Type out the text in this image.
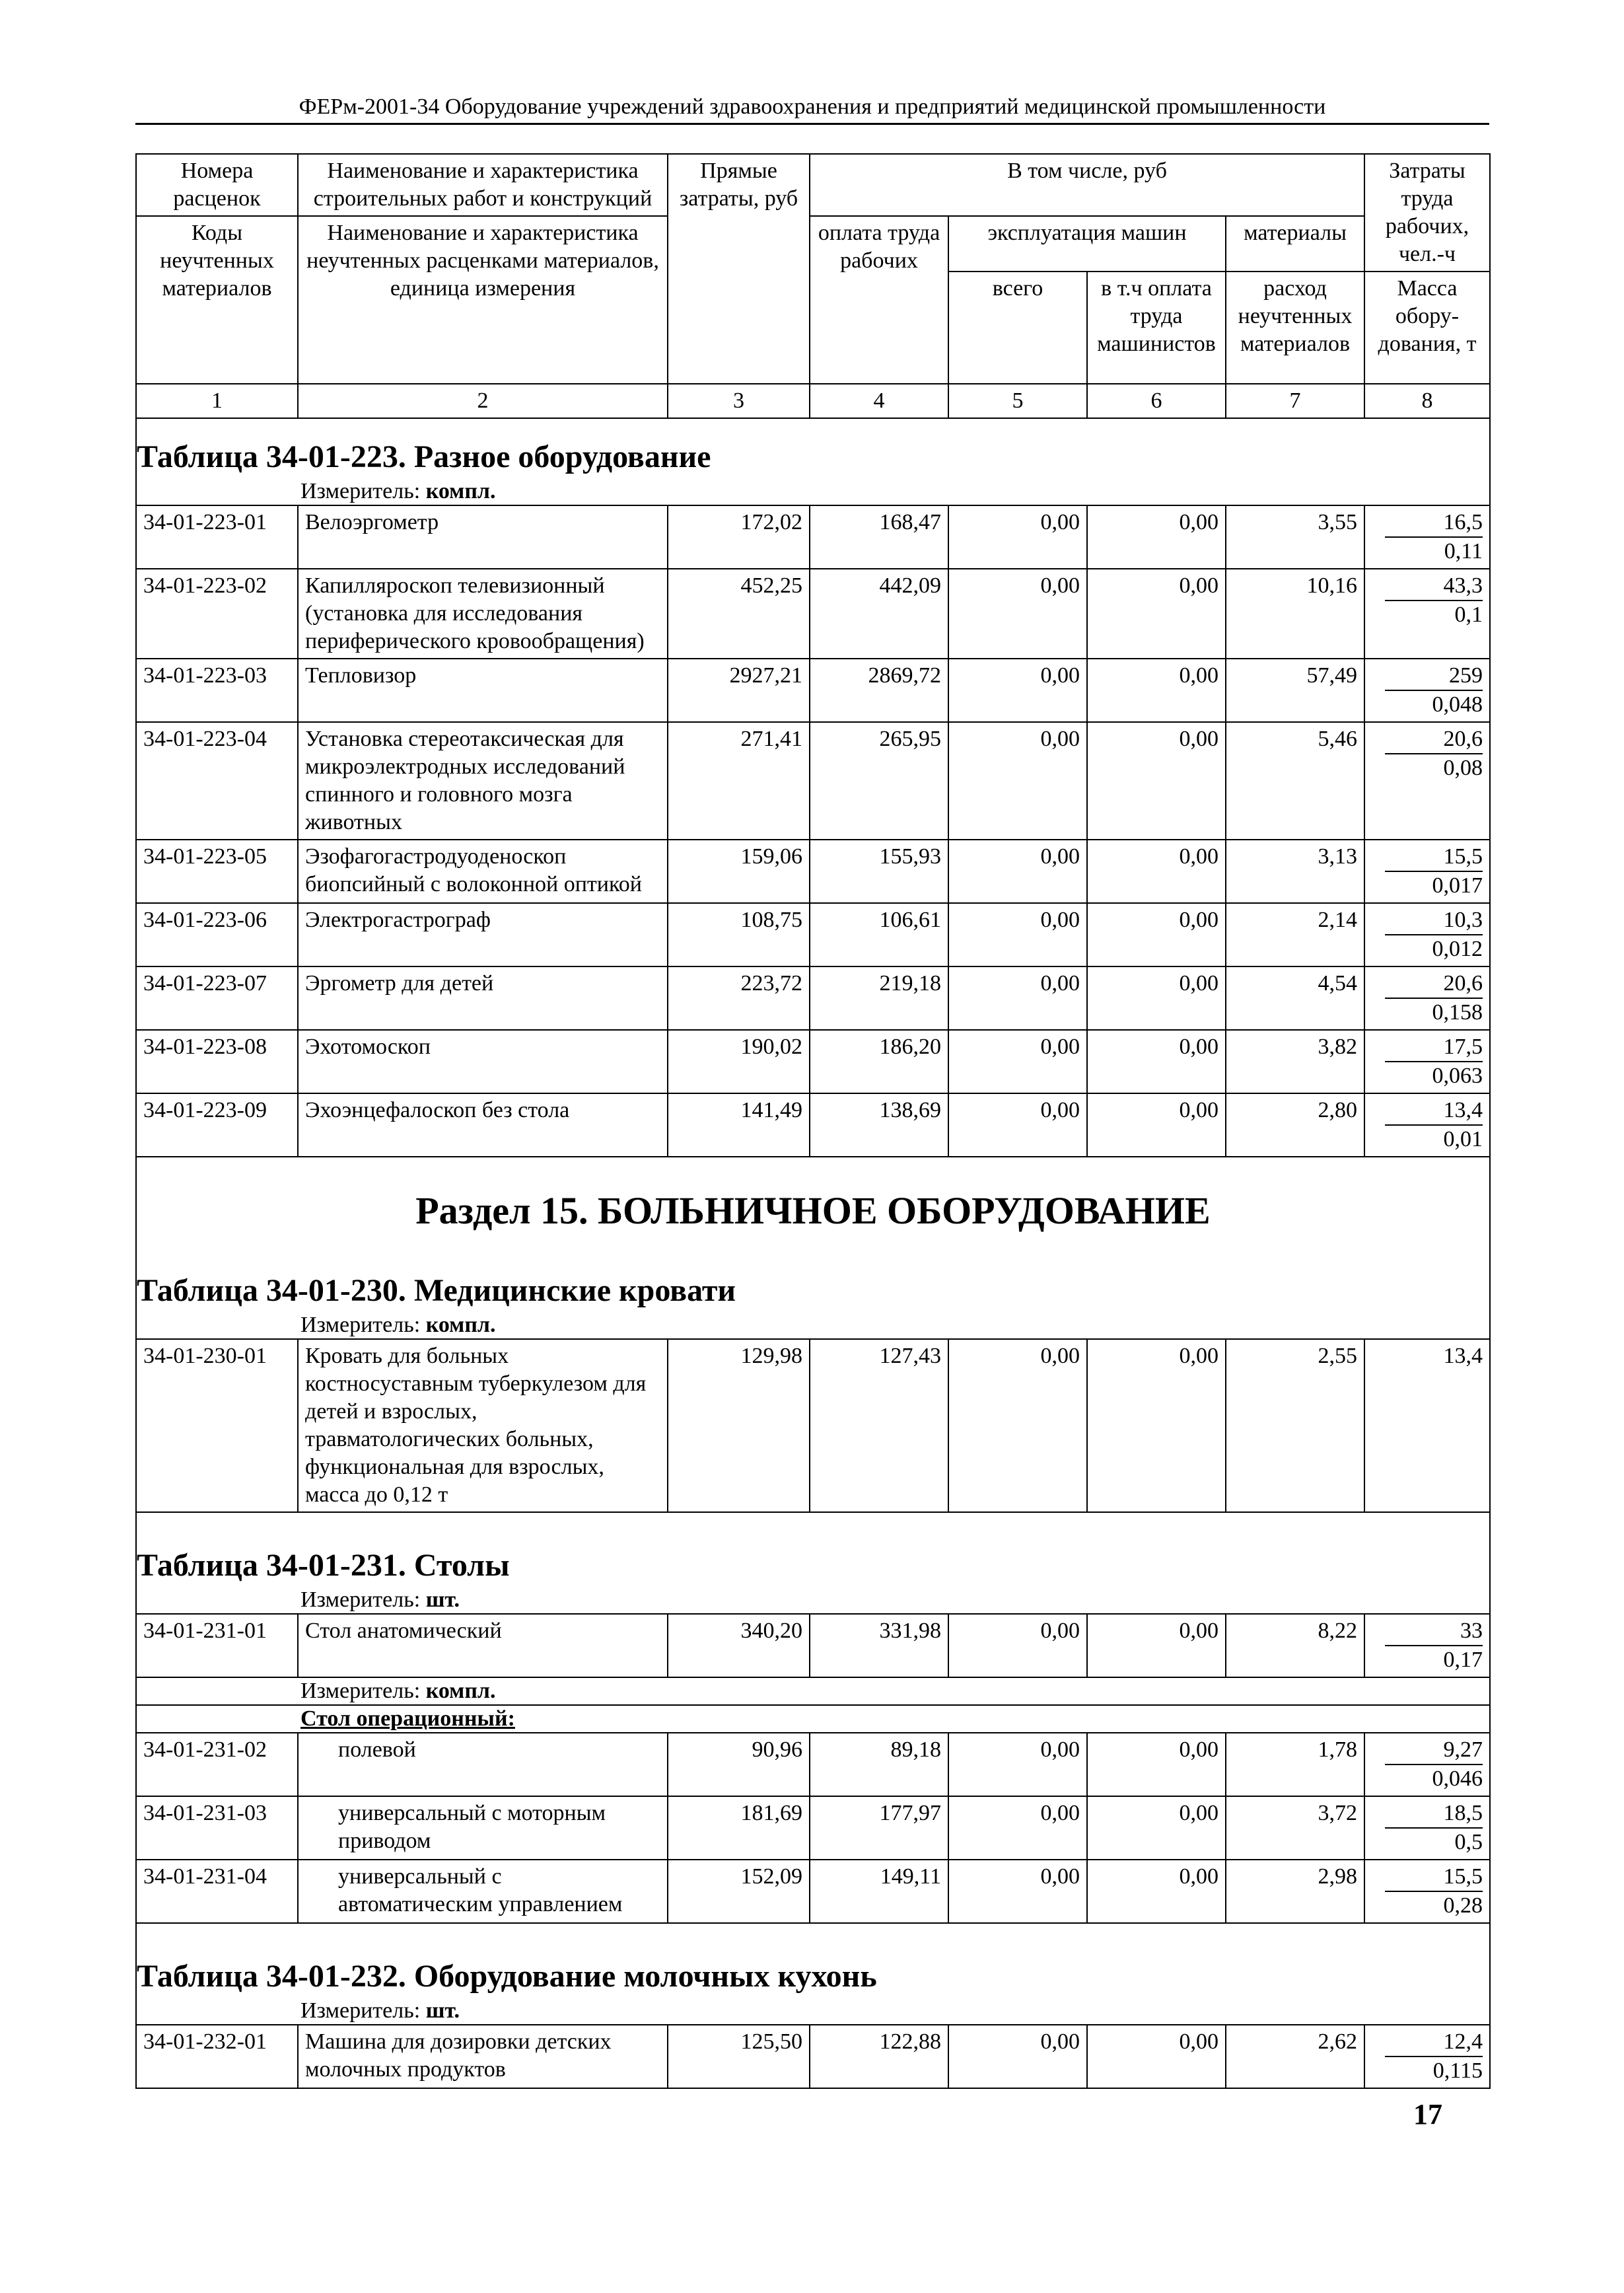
ФЕРм-2001-34 Оборудование учреждений здравоохранения и предприятий медицинской промышленности
Номера расценок	Наименование и характеристика строительных работ и конструкций	Прямые затраты, руб	В том числе, руб				Затраты труда рабочих, чел.-ч
Коды неучтенных материалов	Наименование и характеристика неучтенных расценками материалов, единица измерения		оплата труда рабочих	эксплуатация машин		материалы	
				всего	в т.ч оплата труда машинистов	расход неучтенных материалов	Масса обору-дования, т
1	2	3	4	5	6	7	8

Таблица 34-01-223. Разное оборудование
Измеритель: компл.							

34-01-223-01	Велоэргометр	172,02	168,47	0,00	0,00	3,55	16,5
0,11

34-01-223-02	Капилляроскоп телевизионный (установка для исследования периферического кровообращения)	452,25	442,09	0,00	0,00	10,16	43,3
0,1

34-01-223-03	Тепловизор	2927,21	2869,72	0,00	0,00	57,49	259
0,048

34-01-223-04	Установка стереотаксическая для микроэлектродных исследований спинного и головного мозга животных	271,41	265,95	0,00	0,00	5,46	20,6
0,08

34-01-223-05	Эзофагогастродуоденоскоп биопсийный с волоконной оптикой	159,06	155,93	0,00	0,00	3,13	15,5
0,017

34-01-223-06	Электрогастрограф	108,75	106,61	0,00	0,00	2,14	10,3
0,012

34-01-223-07	Эргометр для детей	223,72	219,18	0,00	0,00	4,54	20,6
0,158

34-01-223-08	Эхотомоскоп	190,02	186,20	0,00	0,00	3,82	17,5
0,063

34-01-223-09	Эхоэнцефалоскоп без стола	141,49	138,69	0,00	0,00	2,80	13,4
0,01

Раздел 15. БОЛЬНИЧНОЕ ОБОРУДОВАНИЕ
Таблица 34-01-230. Медицинские кровати
Измеритель: компл.							

34-01-230-01	Кровать для больных костносуставным туберкулезом для детей и взрослых, травматологических больных, функциональная для взрослых, масса до 0,12 т	129,98	127,43	0,00	0,00	2,55	13,4

Таблица 34-01-231. Столы
Измеритель: шт.							

34-01-231-01	Стол анатомический	340,20	331,98	0,00	0,00	8,22	33
0,17

Измеритель: компл.							

Стол операционный:							

34-01-231-02	полевой	90,96	89,18	0,00	0,00	1,78	9,27
0,046

34-01-231-03	универсальный с моторным приводом	181,69	177,97	0,00	0,00	3,72	18,5
0,5

34-01-231-04	универсальный с автоматическим управлением	152,09	149,11	0,00	0,00	2,98	15,5
0,28

Таблица 34-01-232. Оборудование молочных кухонь
Измеритель: шт.							

34-01-232-01	Машина для дозировки детских молочных продуктов	125,50	122,88	0,00	0,00	2,62	12,4
0,115
17
